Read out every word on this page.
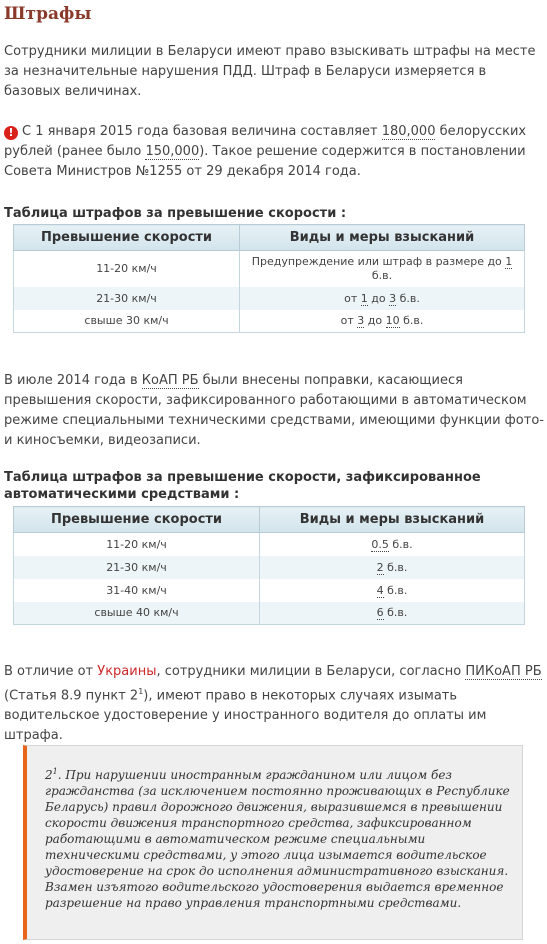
Штрафы
Сотрудники милиции в Беларуси имеют право взыскивать штрафы на месте за незначительные нарушения ПДД. Штраф в Беларуси измеряется в базовых величинах.
! С 1 января 2015 года базовая величина составляет 180,000 белорусских рублей (ранее было 150,000). Такое решение содержится в постановлении Совета Министров №1255 от 29 декабря 2014 года.
Таблица штрафов за превышение скорости :
Превышение скорости	Виды и меры взысканий
11-20 км/ч	Предупреждение или штраф в размере до 1 б.в.
21-30 км/ч	от 1 до 3 б.в.
свыше 30 км/ч	от 3 до 10 б.в.
В июле 2014 года в КоАП РБ были внесены поправки, касающиеся превышения скорости, зафиксированного работающими в автоматическом режиме специальными техническими средствами, имеющими функции фото- и киносъемки, видеозаписи.
Таблица штрафов за превышение скорости, зафиксированное автоматическими средствами :
Превышение скорости	Виды и меры взысканий
11-20 км/ч	0.5 б.в.
21-30 км/ч	2 б.в.
31-40 км/ч	4 б.в.
свыше 40 км/ч	6 б.в.
В отличие от Украины, сотрудники милиции в Беларуси, согласно ПИКоАП РБ (Статья 8.9 пункт $2^1$), имеют право в некоторых случаях изымать водительское удостоверение у иностранного водителя до оплаты им штрафа.
$2^1$. При нарушении иностранным гражданином или лицом без гражданства (за исключением постоянно проживающих в Республике Беларусь) правил дорожного движения, выразившемся в превышении скорости движения транспортного средства, зафиксированном работающими в автоматическом режиме специальными техническими средствами, у этого лица изымается водительское удостоверение на срок до исполнения административного взыскания. Взамен изъятого водительского удостоверения выдается временное разрешение на право управления транспортными средствами.
